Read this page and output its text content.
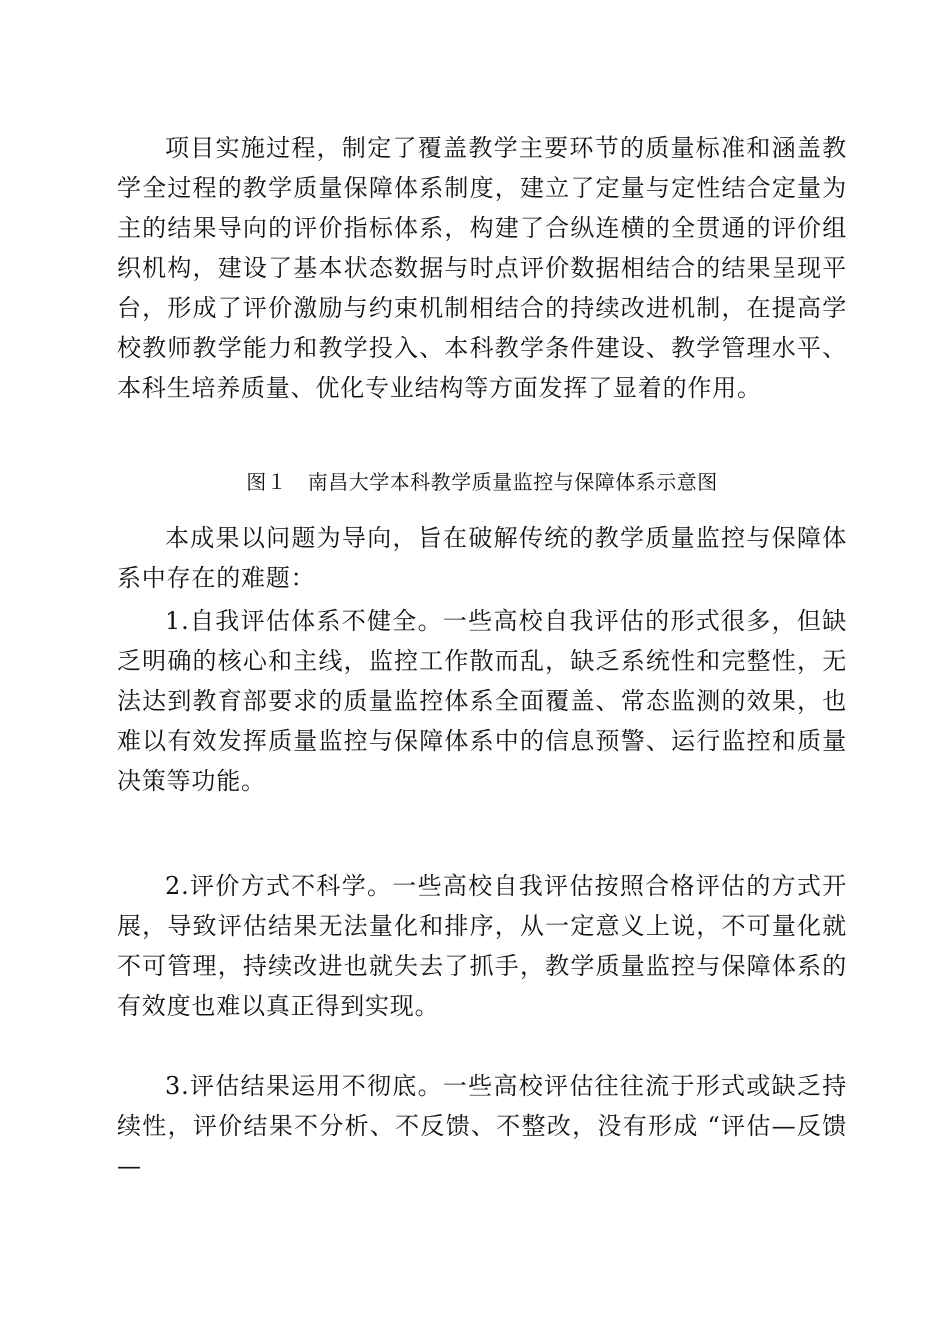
项目实施过程，制定了覆盖教学主要环节的质量标准和涵盖教学全过程的教学质量保障体系制度，建立了定量与定性结合定量为主的结果导向的评价指标体系，构建了合纵连横的全贯通的评价组织机构，建设了基本状态数据与时点评价数据相结合的结果呈现平台，形成了评价激励与约束机制相结合的持续改进机制，在提高学校教师教学能力和教学投入、本科教学条件建设、教学管理水平、本科生培养质量、优化专业结构等方面发挥了显着的作用。

图１　南昌大学本科教学质量监控与保障体系示意图

本成果以问题为导向，旨在破解传统的教学质量监控与保障体系中存在的难题：

1.自我评估体系不健全。一些高校自我评估的形式很多，但缺乏明确的核心和主线，监控工作散而乱，缺乏系统性和完整性，无法达到教育部要求的质量监控体系全面覆盖、常态监测的效果，也难以有效发挥质量监控与保障体系中的信息预警、运行监控和质量决策等功能。

2.评价方式不科学。一些高校自我评估按照合格评估的方式开展，导致评估结果无法量化和排序，从一定意义上说，不可量化就不可管理，持续改进也就失去了抓手，教学质量监控与保障体系的有效度也难以真正得到实现。

3.评估结果运用不彻底。一些高校评估往往流于形式或缺乏持续性，评价结果不分析、不反馈、不整改，没有形成 “评估—反馈—
